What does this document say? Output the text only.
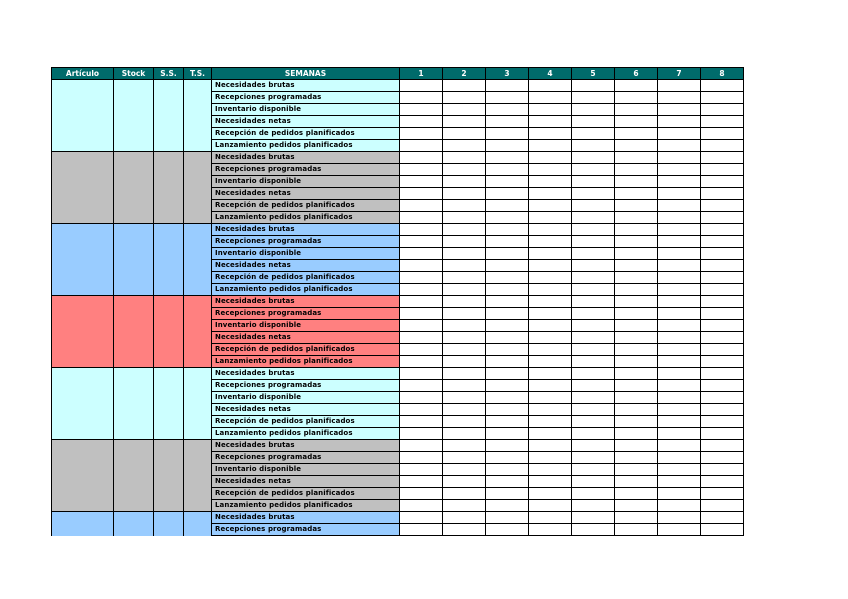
Artículo	Stock	S.S.	T.S.	SEMANAS	1	2	3	4	5	6	7	8
				Necesidades brutas								
				Recepciones programadas								
				Inventario disponible								
				Necesidades netas								
				Recepción de pedidos planificados								
				Lanzamiento pedidos planificados								
				Necesidades brutas								
				Recepciones programadas								
				Inventario disponible								
				Necesidades netas								
				Recepción de pedidos planificados								
				Lanzamiento pedidos planificados								
				Necesidades brutas								
				Recepciones programadas								
				Inventario disponible								
				Necesidades netas								
				Recepción de pedidos planificados								
				Lanzamiento pedidos planificados								
				Necesidades brutas								
				Recepciones programadas								
				Inventario disponible								
				Necesidades netas								
				Recepción de pedidos planificados								
				Lanzamiento pedidos planificados								
				Necesidades brutas								
				Recepciones programadas								
				Inventario disponible								
				Necesidades netas								
				Recepción de pedidos planificados								
				Lanzamiento pedidos planificados								
				Necesidades brutas								
				Recepciones programadas								
				Inventario disponible								
				Necesidades netas								
				Recepción de pedidos planificados								
				Lanzamiento pedidos planificados								
				Necesidades brutas								
				Recepciones programadas								
